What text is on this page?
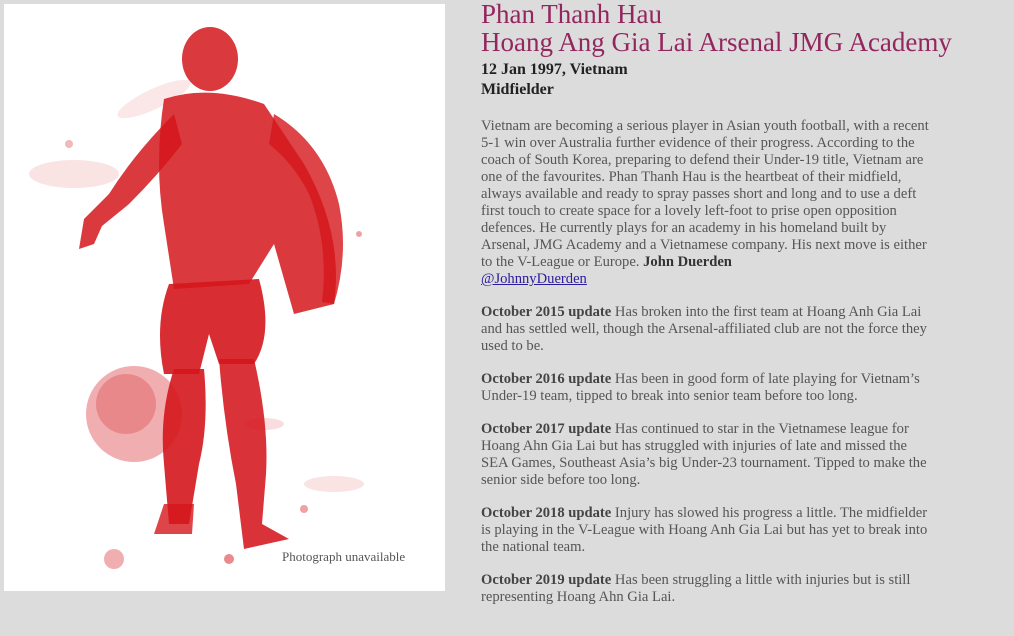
Photograph unavailable
Phan Thanh Hau
Hoang Ang Gia Lai Arsenal JMG Academy
12 Jan 1997, Vietnam
Midfielder

Vietnam are becoming a serious player in Asian youth football, with a recent 5-1 win over Australia further evidence of their progress. According to the coach of South Korea, preparing to defend their Under-19 title, Vietnam are one of the favourites. Phan Thanh Hau is the heartbeat of their midfield, always available and ready to spray passes short and long and to use a deft first touch to create space for a lovely left-foot to prise open opposition defences. He currently plays for an academy in his homeland built by Arsenal, JMG Academy and a Vietnamese company. His next move is either to the V-League or Europe. John Duerden
@JohnnyDuerden

October 2015 update Has broken into the first team at Hoang Anh Gia Lai and has settled well, though the Arsenal-affiliated club are not the force they used to be.

October 2016 update Has been in good form of late playing for Vietnam’s Under-19 team, tipped to break into senior team before too long.

October 2017 update Has continued to star in the Vietnamese league for Hoang Ahn Gia Lai but has struggled with injuries of late and missed the SEA Games, Southeast Asia’s big Under-23 tournament. Tipped to make the senior side before too long.

October 2018 update Injury has slowed his progress a little. The midfielder is playing in the V-League with Hoang Anh Gia Lai but has yet to break into the national team.

October 2019 update Has been struggling a little with injuries but is still representing Hoang Ahn Gia Lai.
